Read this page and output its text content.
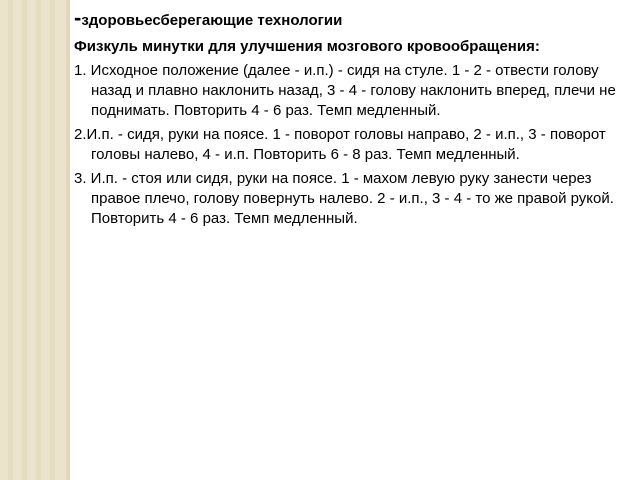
-здоровьесберегающие технологии
Физкуль минутки для улучшения мозгового кровообращения:
1. Исходное положение (далее - и.п.) - сидя на стуле. 1 - 2 - отвести голову назад и плавно наклонить назад, 3 - 4 - голову наклонить вперед, плечи не поднимать. Повторить 4 - 6 раз. Темп медленный.
2.И.п. - сидя, руки на поясе. 1 - поворот головы направо, 2 - и.п., 3 - поворот головы налево, 4 - и.п. Повторить 6 - 8 раз. Темп медленный.
3. И.п. - стоя или сидя, руки на поясе. 1 - махом левую руку занести через правое плечо, голову повернуть налево. 2 - и.п., 3 - 4 - то же правой рукой. Повторить 4 - 6 раз. Темп медленный.
